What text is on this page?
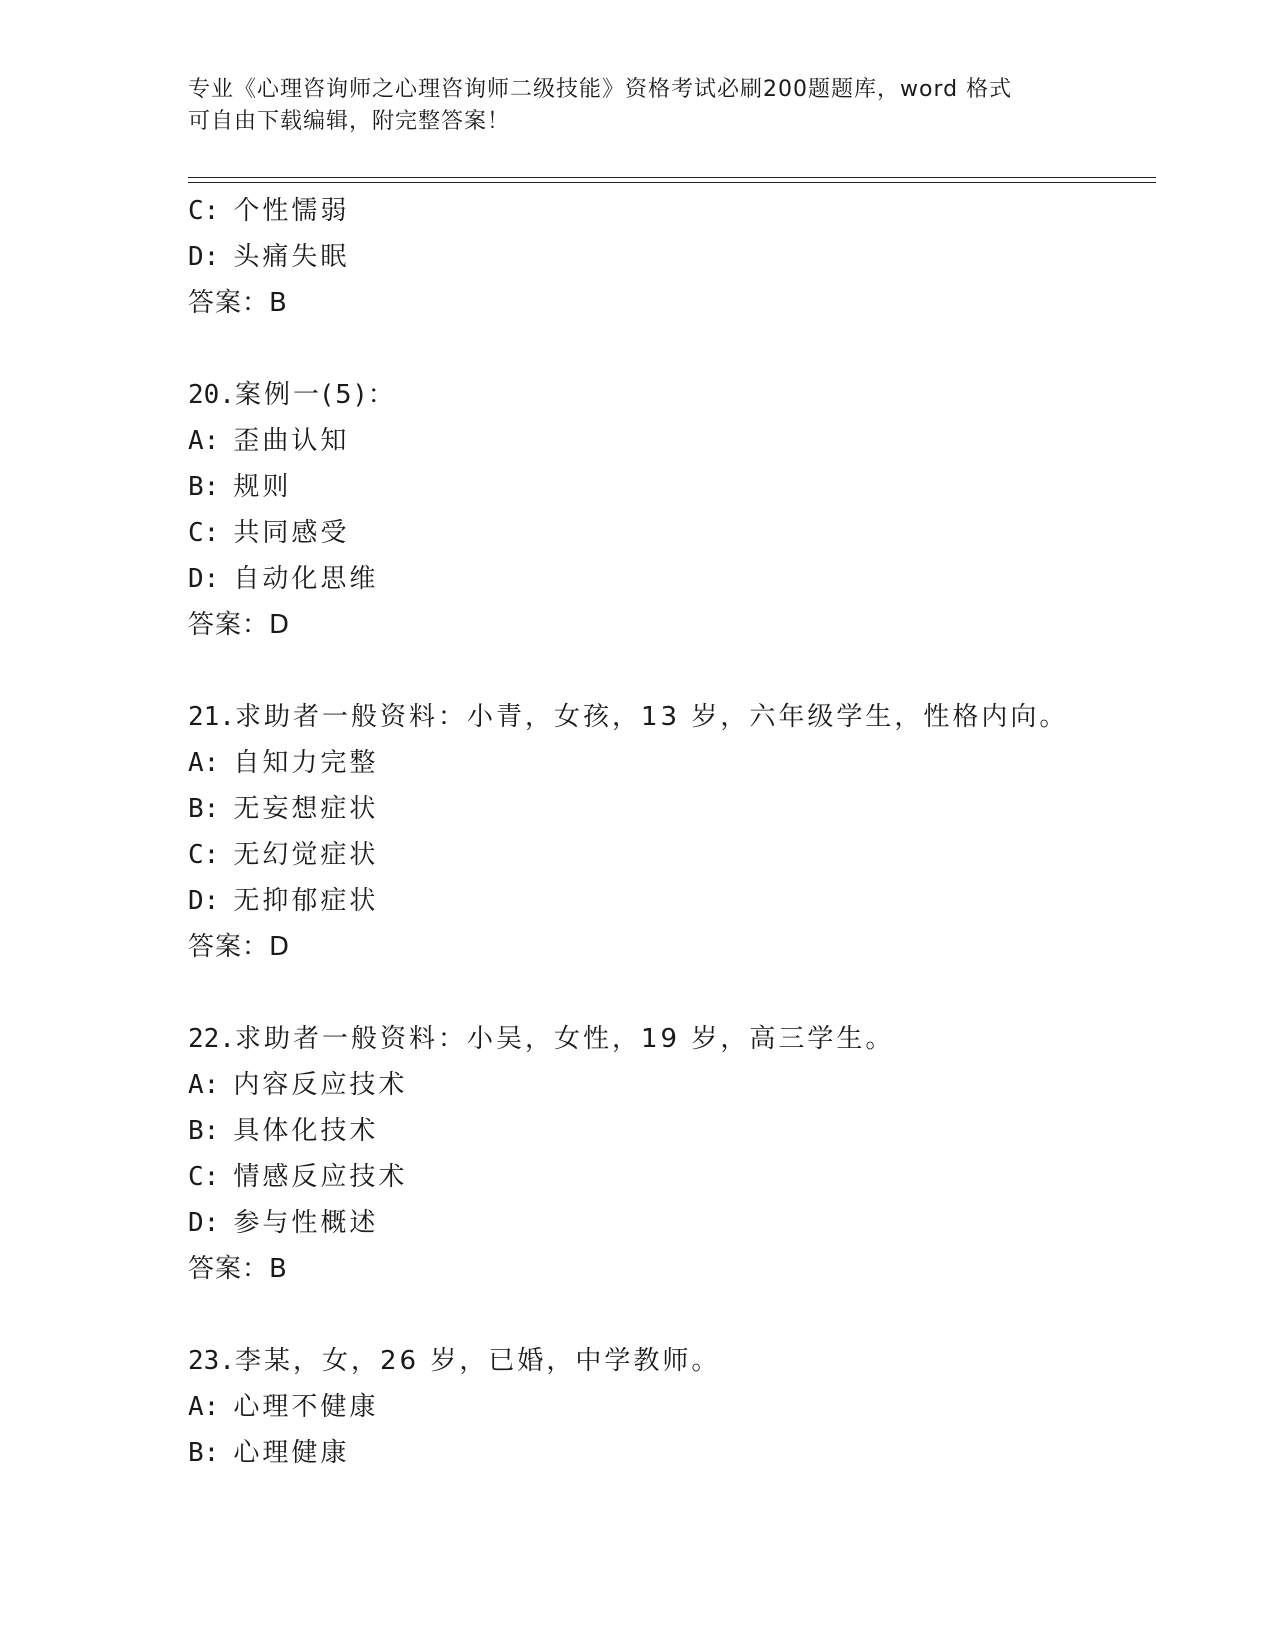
专业《心理咨询师之心理咨询师二级技能》资格考试必刷200题题库，word 格式
可自由下载编辑，附完整答案！
C: 个性懦弱
D: 头痛失眠
答案：B
20.案例一(5)：
A: 歪曲认知
B: 规则
C: 共同感受
D: 自动化思维
答案：D
21.求助者一般资料：小青，女孩，13 岁，六年级学生，性格内向。
A: 自知力完整
B: 无妄想症状
C: 无幻觉症状
D: 无抑郁症状
答案：D
22.求助者一般资料：小吴，女性，19 岁，高三学生。
A: 内容反应技术
B: 具体化技术
C: 情感反应技术
D: 参与性概述
答案：B
23.李某，女，26 岁，已婚，中学教师。
A: 心理不健康
B: 心理健康
